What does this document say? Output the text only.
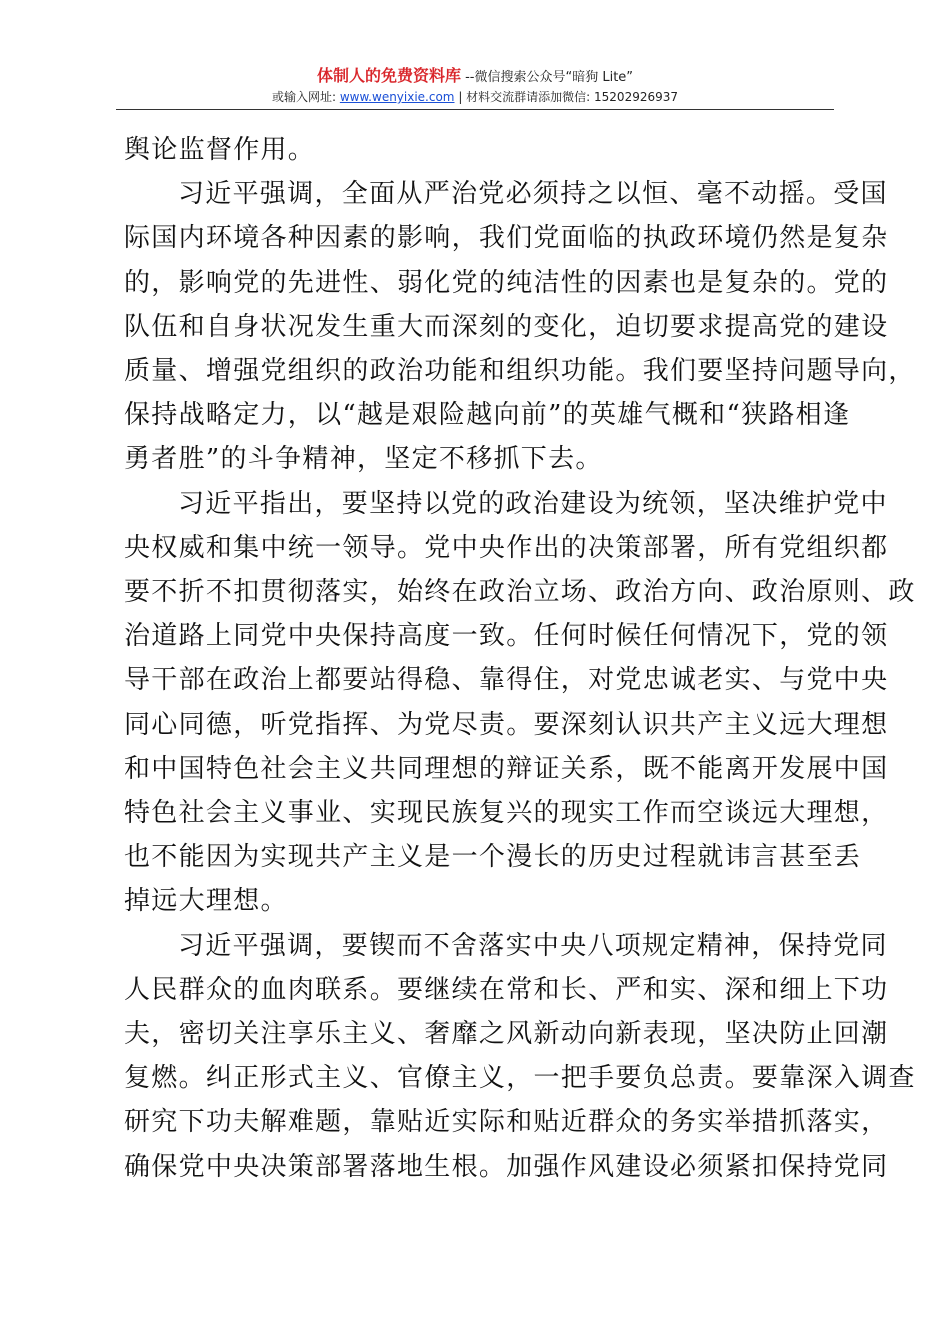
体制人的免费资料库 --微信搜索公众号“暗狗 Lite”
或输入网址: www.wenyixie.com | 材料交流群请添加微信: 15202926937
舆论监督作用。
习近平强调，全面从严治党必须持之以恒、毫不动摇。受国
际国内环境各种因素的影响，我们党面临的执政环境仍然是复杂
的，影响党的先进性、弱化党的纯洁性的因素也是复杂的。党的
队伍和自身状况发生重大而深刻的变化，迫切要求提高党的建设
质量、增强党组织的政治功能和组织功能。我们要坚持问题导向，
保持战略定力，以“越是艰险越向前”的英雄气概和“狭路相逢
勇者胜”的斗争精神，坚定不移抓下去。
习近平指出，要坚持以党的政治建设为统领，坚决维护党中
央权威和集中统一领导。党中央作出的决策部署，所有党组织都
要不折不扣贯彻落实，始终在政治立场、政治方向、政治原则、政
治道路上同党中央保持高度一致。任何时候任何情况下，党的领
导干部在政治上都要站得稳、靠得住，对党忠诚老实、与党中央
同心同德，听党指挥、为党尽责。要深刻认识共产主义远大理想
和中国特色社会主义共同理想的辩证关系，既不能离开发展中国
特色社会主义事业、实现民族复兴的现实工作而空谈远大理想，
也不能因为实现共产主义是一个漫长的历史过程就讳言甚至丢
掉远大理想。
习近平强调，要锲而不舍落实中央八项规定精神，保持党同
人民群众的血肉联系。要继续在常和长、严和实、深和细上下功
夫，密切关注享乐主义、奢靡之风新动向新表现，坚决防止回潮
复燃。纠正形式主义、官僚主义，一把手要负总责。要靠深入调查
研究下功夫解难题，靠贴近实际和贴近群众的务实举措抓落实，
确保党中央决策部署落地生根。加强作风建设必须紧扣保持党同
